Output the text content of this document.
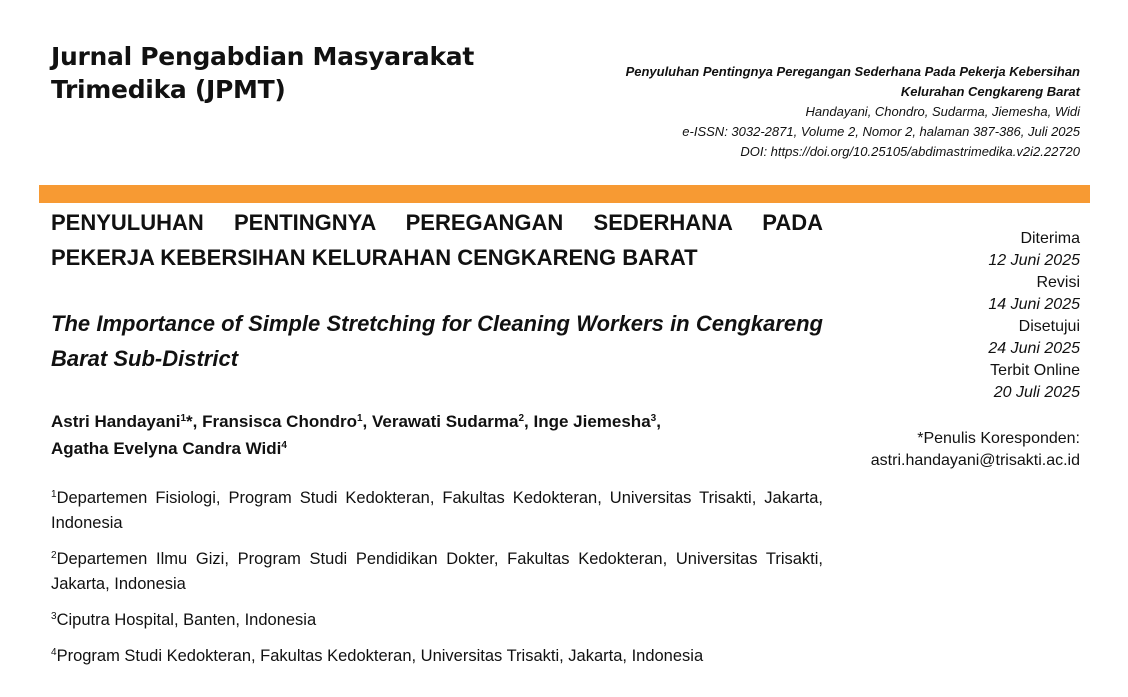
Jurnal Pengabdian Masyarakat
Trimedika (JPMT)
Penyuluhan Pentingnya Peregangan Sederhana Pada Pekerja Kebersihan
Kelurahan Cengkareng Barat
Handayani, Chondro, Sudarma, Jiemesha, Widi
e-ISSN: 3032-2871, Volume 2, Nomor 2, halaman 387-386, Juli 2025
DOI: https://doi.org/10.25105/abdimastrimedika.v2i2.22720
PENYULUHAN PENTINGNYA PEREGANGAN SEDERHANA PADA PEKERJA KEBERSIHAN KELURAHAN CENGKARENG BARAT
The Importance of Simple Stretching for Cleaning Workers in Cengkareng Barat Sub-District
Astri Handayani$^1$*, Fransisca Chondro$^1$, Verawati Sudarma$^2$, Inge Jiemesha$^3$,
Agatha Evelyna Candra Widi$^4$
$^1$Departemen Fisiologi, Program Studi Kedokteran, Fakultas Kedokteran, Universitas Trisakti, Jakarta, Indonesia
$^2$Departemen Ilmu Gizi, Program Studi Pendidikan Dokter, Fakultas Kedokteran, Universitas Trisakti, Jakarta, Indonesia
$^3$Ciputra Hospital, Banten, Indonesia
$^4$Program Studi Kedokteran, Fakultas Kedokteran, Universitas Trisakti, Jakarta, Indonesia
Diterima
12 Juni 2025
Revisi
14 Juni 2025
Disetujui
24 Juni 2025
Terbit Online
20 Juli 2025
*Penulis Koresponden:
astri.handayani@trisakti.ac.id
